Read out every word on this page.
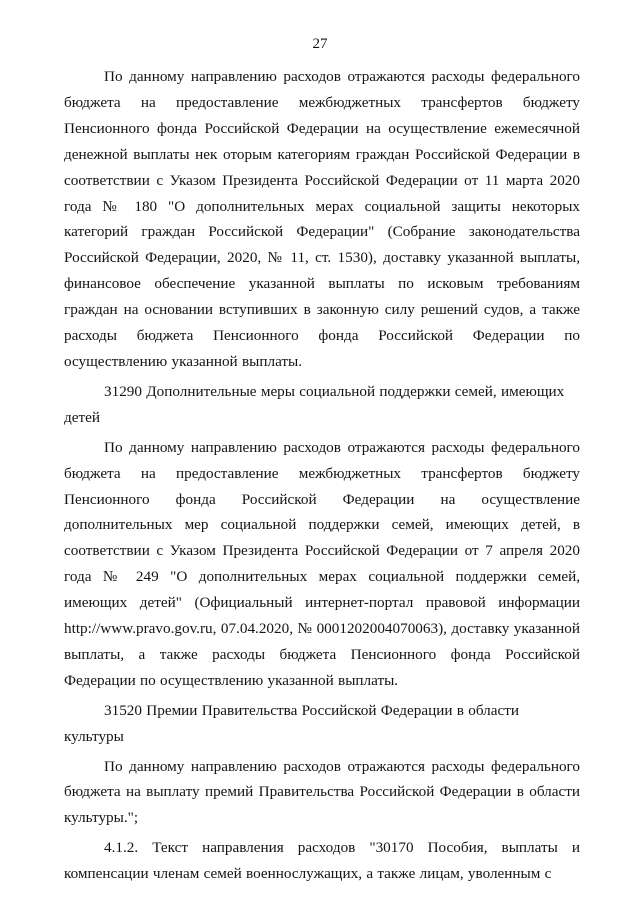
27

По данному направлению расходов отражаются расходы федерального бюджета на предоставление межбюджетных трансфертов бюджету Пенсионного фонда Российской Федерации на осуществление ежемесячной денежной выплаты нек оторым категориям граждан Российской Федерации в соответствии с Указом Президента Российской Федерации от 11 марта 2020 года № 180 "О дополнительных мерах социальной защиты некоторых категорий граждан Российской Федерации" (Собрание законодательства Российской Федерации, 2020, № 11, ст. 1530), доставку указанной выплаты, финансовое обеспечение указанной выплаты по исковым требованиям граждан на основании вступивших в законную силу решений судов, а также расходы бюджета Пенсионного фонда Российской Федерации по осуществлению указанной выплаты.

31290 Дополнительные меры социальной поддержки семей, имеющих детей

По данному направлению расходов отражаются расходы федерального бюджета на предоставление межбюджетных трансфертов бюджету Пенсионного фонда Российской Федерации на осуществление дополнительных мер социальной поддержки семей, имеющих детей, в соответствии с Указом Президента Российской Федерации от 7 апреля 2020 года № 249 "О дополнительных мерах социальной поддержки семей, имеющих детей" (Официальный интернет-портал правовой информации http://www.pravo.gov.ru, 07.04.2020, № 0001202004070063), доставку указанной выплаты, а также расходы бюджета Пенсионного фонда Российской Федерации по осуществлению указанной выплаты.

31520 Премии Правительства Российской Федерации в области культуры

По данному направлению расходов отражаются расходы федерального бюджета на выплату премий Правительства Российской Федерации в области культуры.";

4.1.2. Текст направления расходов "30170 Пособия, выплаты и компенсации членам семей военнослужащих, а также лицам, уволенным с
